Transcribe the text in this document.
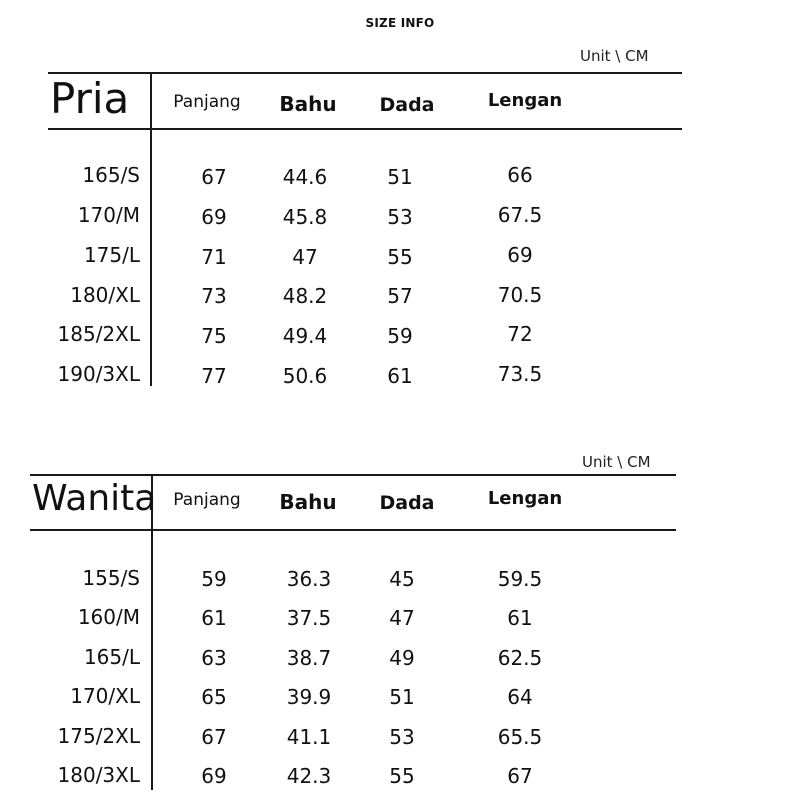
SIZE INFO
Unit \ CM
Pria	Panjang	Bahu	Dada	Lengan
165/S	67	44.6	51	66
170/M	69	45.8	53	67.5
175/L	71	47	55	69
180/XL	73	48.2	57	70.5
185/2XL	75	49.4	59	72
190/3XL	77	50.6	61	73.5
Unit \ CM
Wanita Panjang	Bahu	Dada	Lengan
155/S	59	36.3	45	59.5
160/M	61	37.5	47	61
165/L	63	38.7	49	62.5
170/XL	65	39.9	51	64
175/2XL	67	41.1	53	65.5
180/3XL	69	42.3	55	67
